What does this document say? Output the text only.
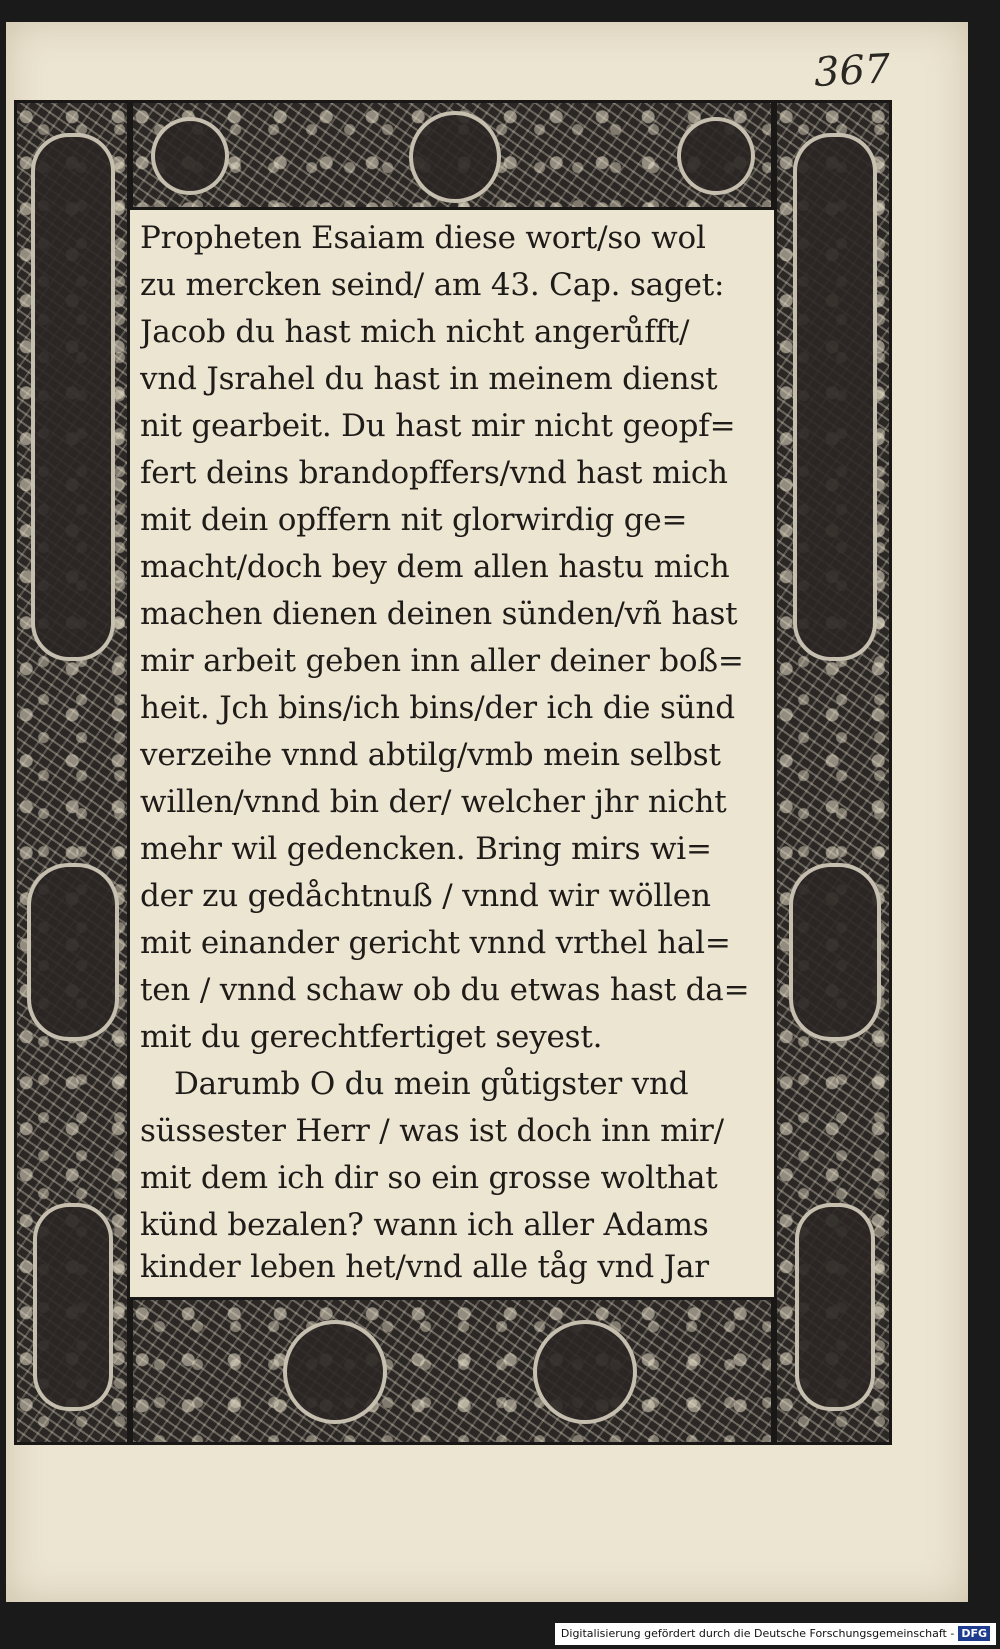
367
Propheten Esaiam diese wort/so wol
zu mercken seind/ am 43. Cap. saget:
Jacob du hast mich nicht angerůfft/
vnd Jsrahel du hast in meinem dienst
nit gearbeit. Du hast mir nicht geopf=
fert deins brandopffers/vnd hast mich
mit dein opffern nit glorwirdig ge=
macht/doch bey dem allen hastu mich
machen dienen deinen sünden/vñ hast
mir arbeit geben inn aller deiner boß=
heit. Jch bins/ich bins/der ich die sünd
verzeihe vnnd abtilg/vmb mein selbst
willen/vnnd bin der/ welcher jhr nicht
mehr wil gedencken. Bring mirs wi=
der zu gedåchtnuß / vnnd wir wöllen
mit einander gericht vnnd vrthel hal=
ten / vnnd schaw ob du etwas hast da=
mit du gerechtfertiget seyest.
Darumb O du mein gůtigster vnd
süssester Herr / was ist doch inn mir/
mit dem ich dir so ein grosse wolthat
künd bezalen? wann ich aller Adams
kinder leben het/vnd alle tåg vnd Jar
Digitalisierung gefördert durch die Deutsche Forschungsgemeinschaft - DFG
